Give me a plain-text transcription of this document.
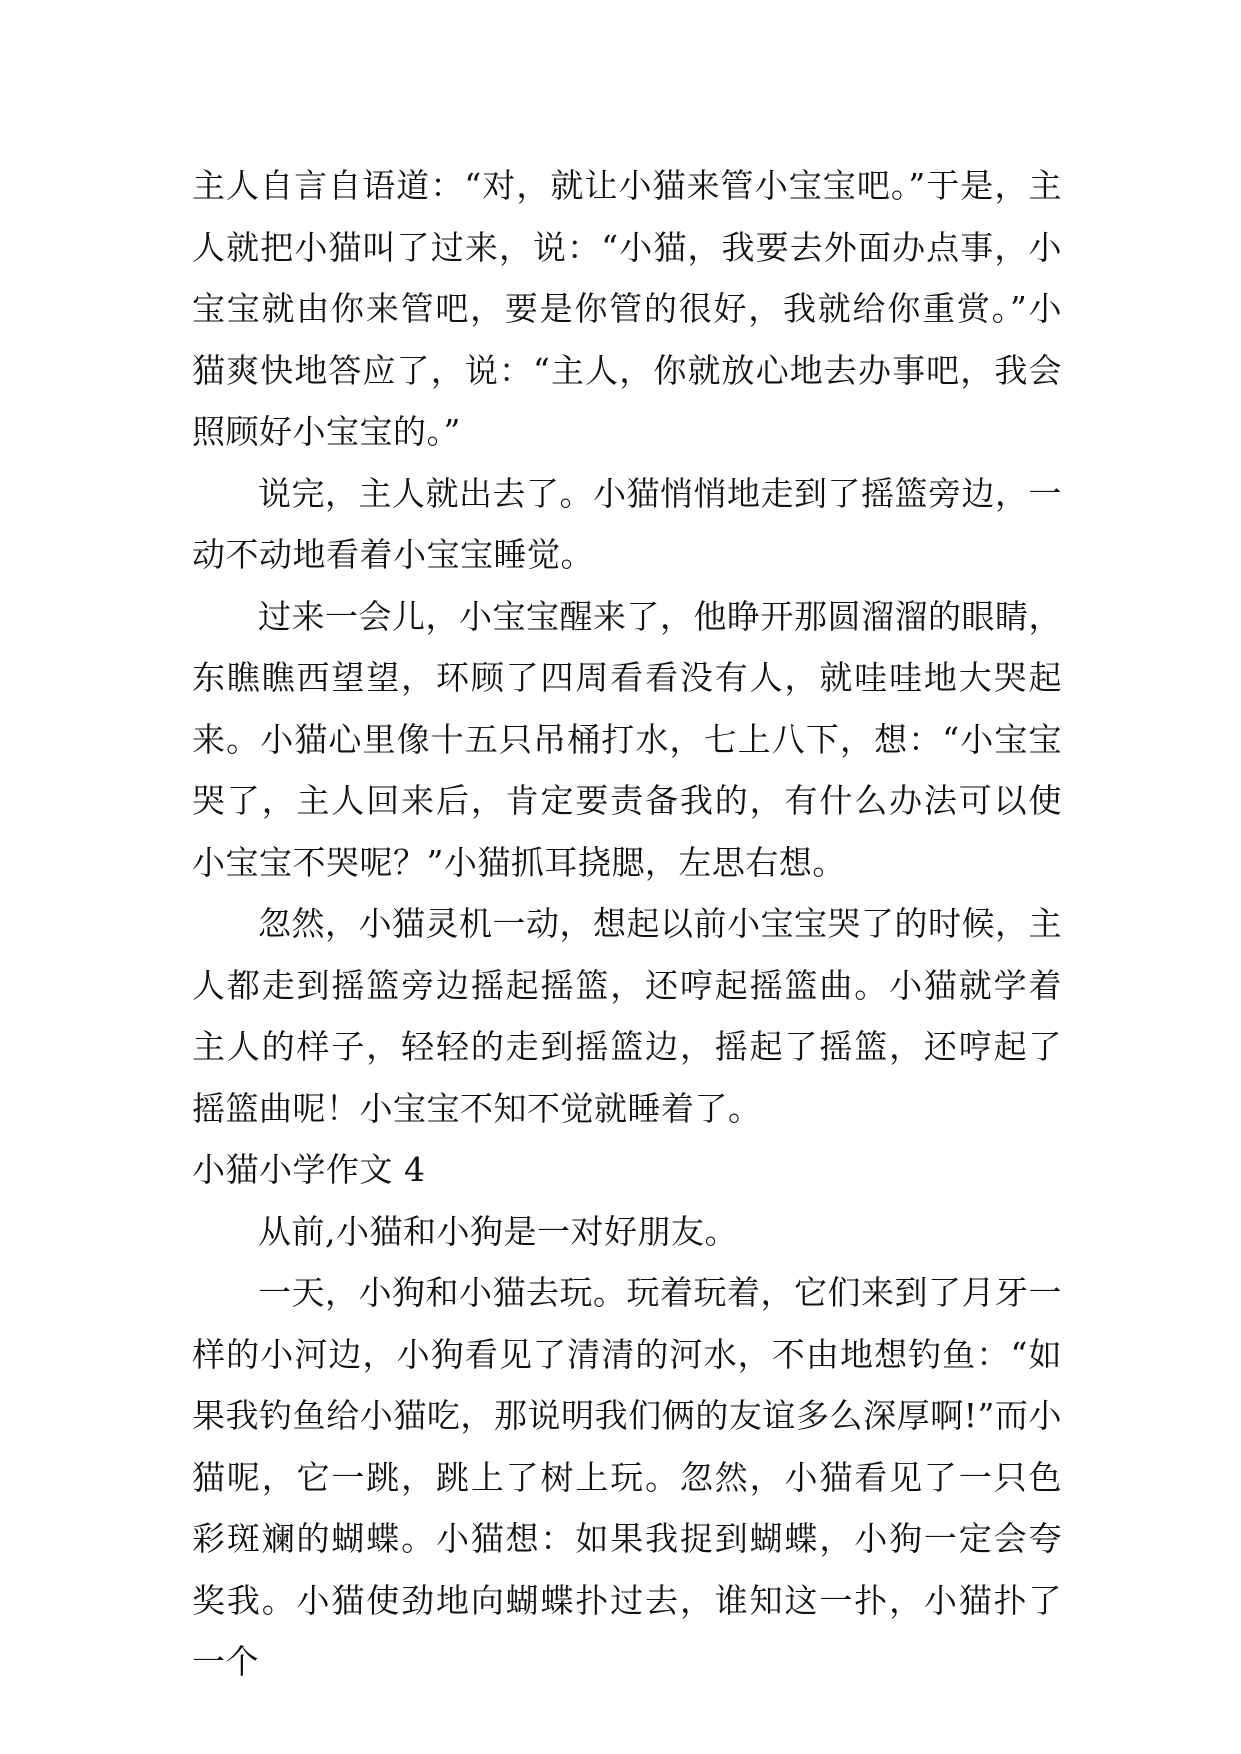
主人自言自语道：“对，就让小猫来管小宝宝吧。”于是，主人就把小猫叫了过来，说：“小猫，我要去外面办点事，小宝宝就由你来管吧，要是你管的很好，我就给你重赏。”小猫爽快地答应了，说：“主人，你就放心地去办事吧，我会照顾好小宝宝的。”

说完，主人就出去了。小猫悄悄地走到了摇篮旁边，一动不动地看着小宝宝睡觉。

过来一会儿，小宝宝醒来了，他睁开那圆溜溜的眼睛，东瞧瞧西望望，环顾了四周看看没有人，就哇哇地大哭起来。小猫心里像十五只吊桶打水，七上八下，想：“小宝宝哭了，主人回来后，肯定要责备我的，有什么办法可以使小宝宝不哭呢？”小猫抓耳挠腮，左思右想。

忽然，小猫灵机一动，想起以前小宝宝哭了的时候，主人都走到摇篮旁边摇起摇篮，还哼起摇篮曲。小猫就学着主人的样子，轻轻的走到摇篮边，摇起了摇篮，还哼起了摇篮曲呢！小宝宝不知不觉就睡着了。

小猫小学作文 4

从前,小猫和小狗是一对好朋友。

一天，小狗和小猫去玩。玩着玩着，它们来到了月牙一样的小河边，小狗看见了清清的河水，不由地想钓鱼：“如果我钓鱼给小猫吃，那说明我们俩的友谊多么深厚啊!”而小猫呢，它一跳，跳上了树上玩。忽然，小猫看见了一只色彩斑斓的蝴蝶。小猫想：如果我捉到蝴蝶，小狗一定会夸奖我。小猫使劲地向蝴蝶扑过去，谁知这一扑，小猫扑了一个
